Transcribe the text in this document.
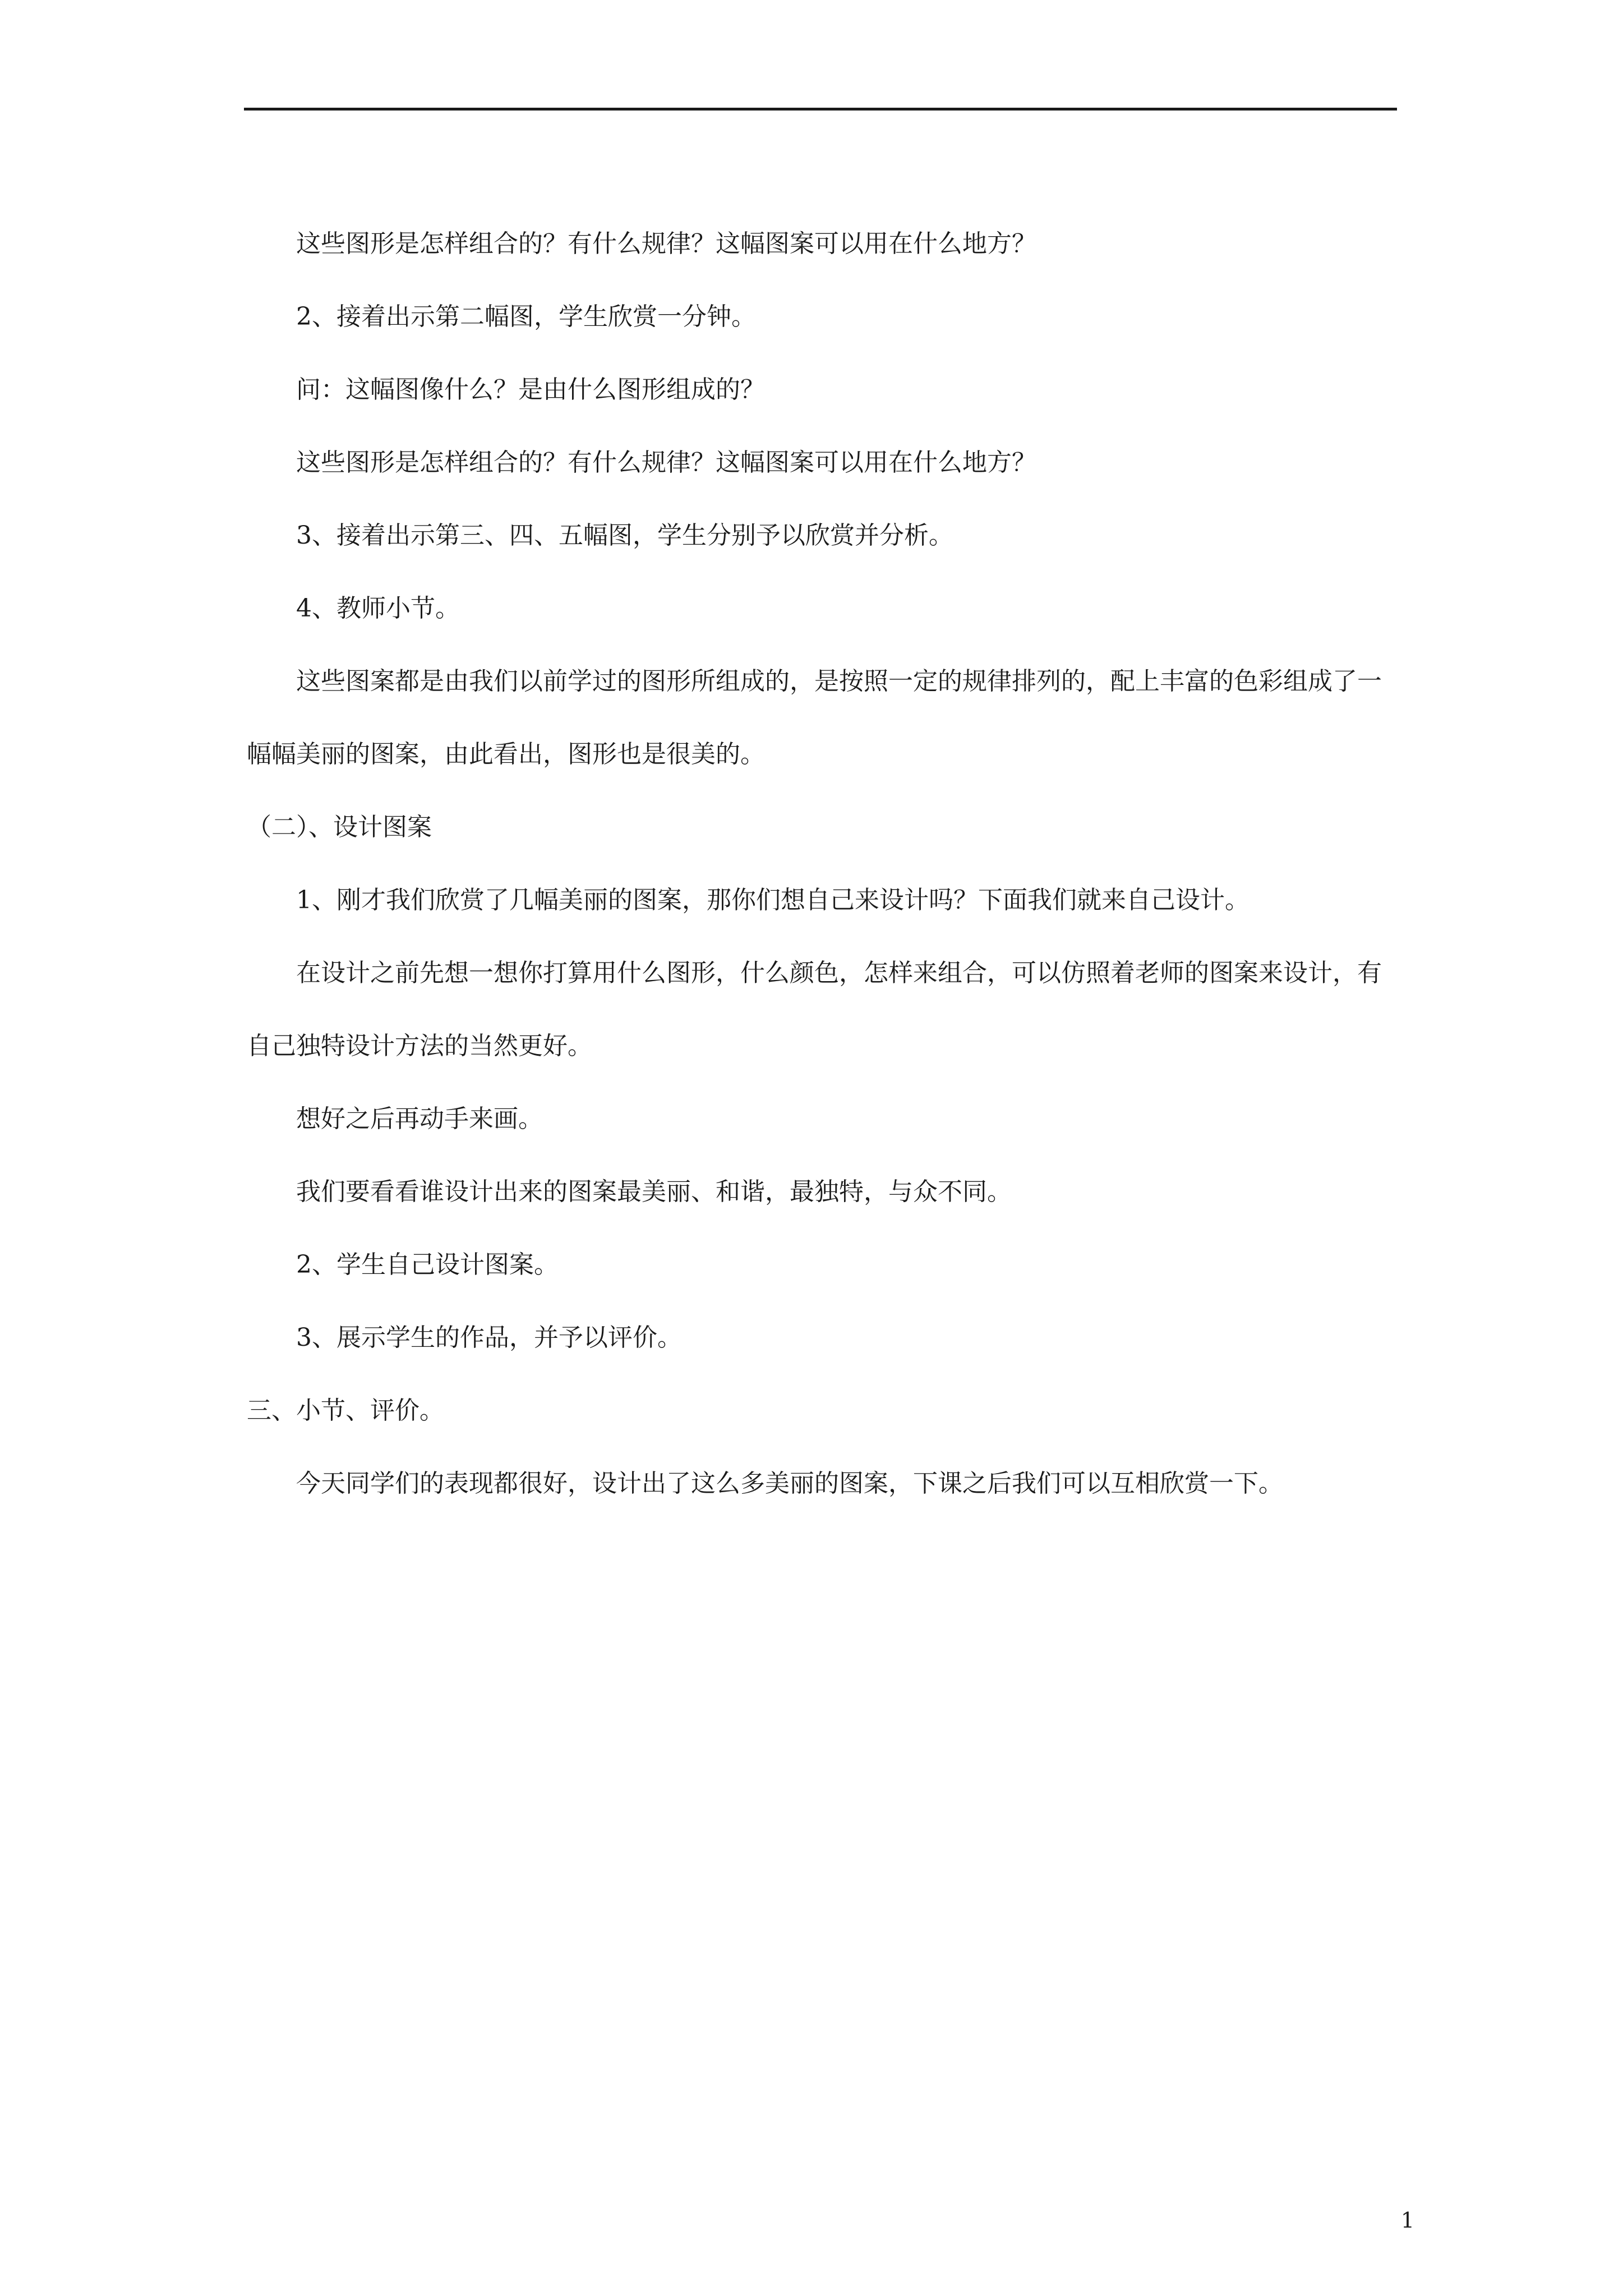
　　这些图形是怎样组合的？有什么规律？这幅图案可以用在什么地方？

　　2、接着出示第二幅图，学生欣赏一分钟。

　　问：这幅图像什么？是由什么图形组成的？

　　这些图形是怎样组合的？有什么规律？这幅图案可以用在什么地方？

　　3、接着出示第三、四、五幅图，学生分别予以欣赏并分析。

　　4、教师小节。

　　这些图案都是由我们以前学过的图形所组成的，是按照一定的规律排列的，配上丰富的色彩组成了一幅幅美丽的图案，由此看出，图形也是很美的。

（二）、设计图案

　　1、刚才我们欣赏了几幅美丽的图案，那你们想自己来设计吗？下面我们就来自己设计。

　　在设计之前先想一想你打算用什么图形，什么颜色，怎样来组合，可以仿照着老师的图案来设计，有自己独特设计方法的当然更好。

　　想好之后再动手来画。

　　我们要看看谁设计出来的图案最美丽、和谐，最独特，与众不同。

　　2、学生自己设计图案。

　　3、展示学生的作品，并予以评价。

三、小节、评价。

　　今天同学们的表现都很好，设计出了这么多美丽的图案，下课之后我们可以互相欣赏一下。

1
